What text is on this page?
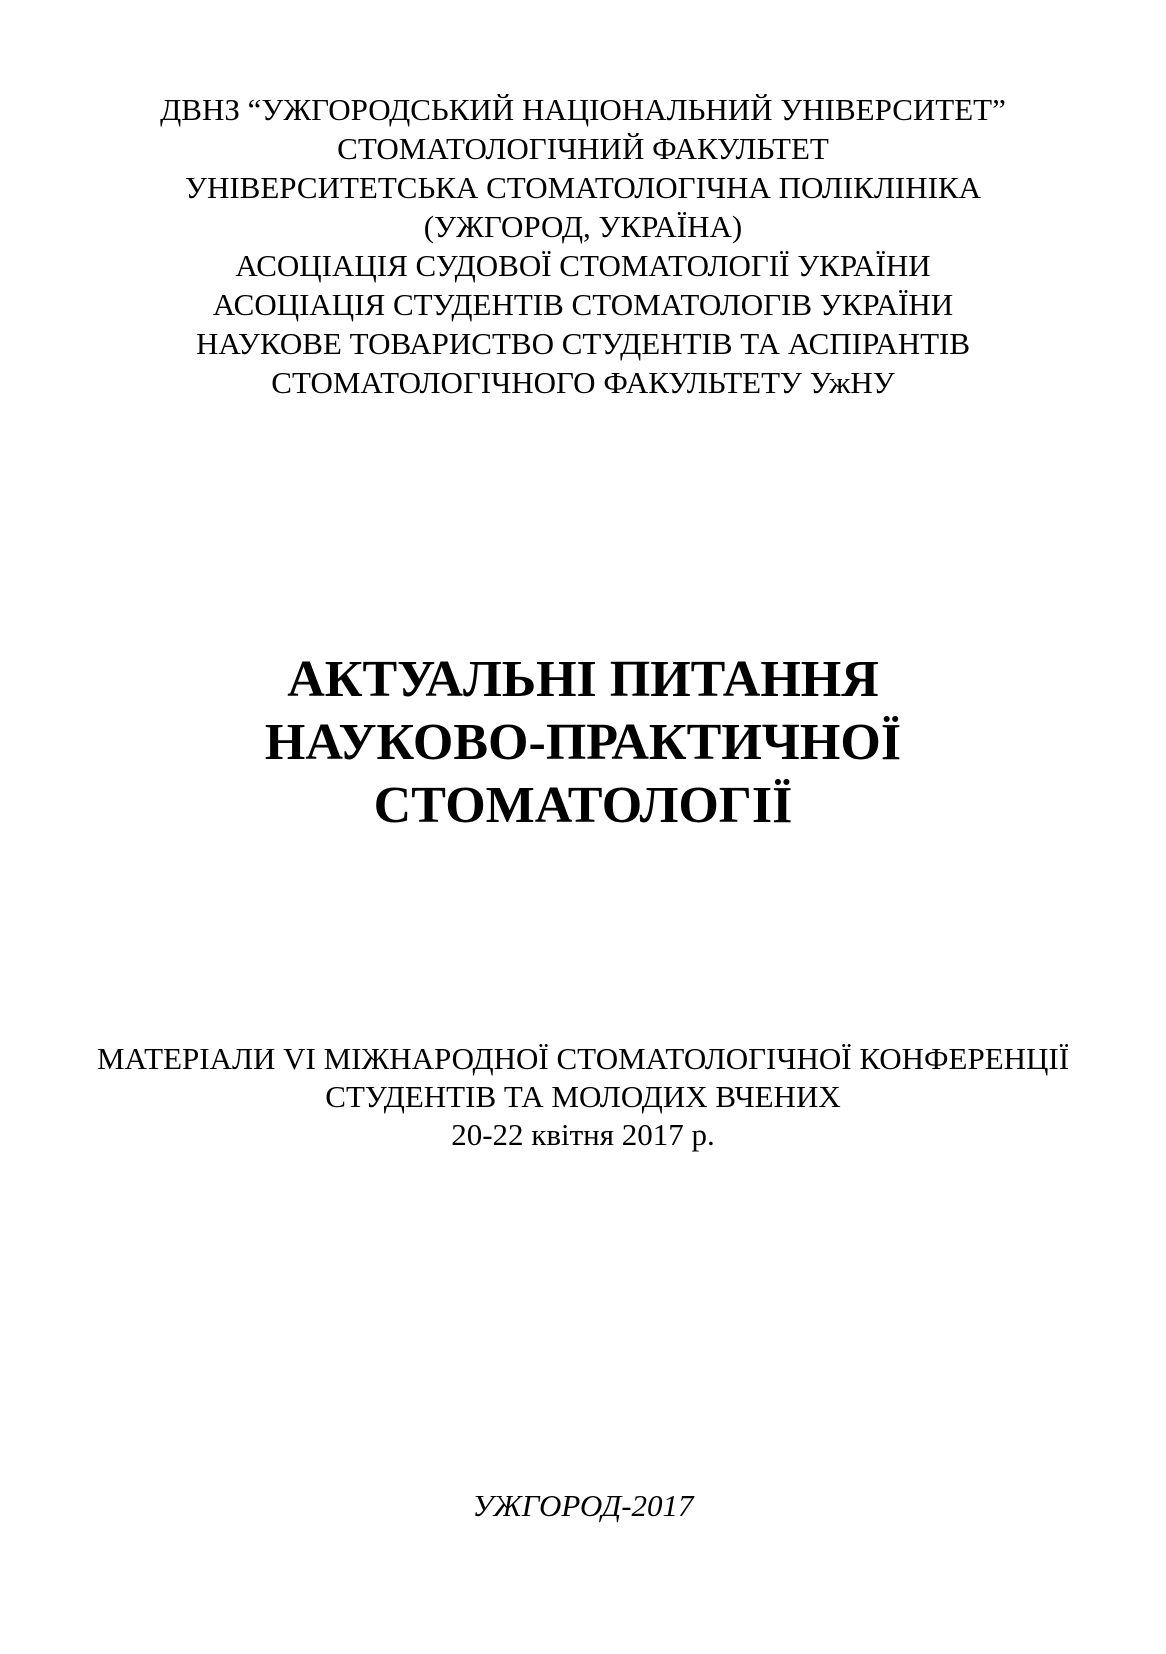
ДВНЗ “УЖГОРОДСЬКИЙ НАЦІОНАЛЬНИЙ УНІВЕРСИТЕТ”
СТОМАТОЛОГІЧНИЙ ФАКУЛЬТЕТ
УНІВЕРСИТЕТСЬКА СТОМАТОЛОГІЧНА ПОЛІКЛІНІКА
(УЖГОРОД, УКРАЇНА)
АСОЦІАЦІЯ СУДОВОЇ СТОМАТОЛОГІЇ УКРАЇНИ
АСОЦІАЦІЯ СТУДЕНТІВ СТОМАТОЛОГІВ УКРАЇНИ
НАУКОВЕ ТОВАРИСТВО СТУДЕНТІВ ТА АСПІРАНТІВ
СТОМАТОЛОГІЧНОГО ФАКУЛЬТЕТУ УжНУ
АКТУАЛЬНІ ПИТАННЯ
НАУКОВО-ПРАКТИЧНОЇ
СТОМАТОЛОГІЇ
МАТЕРІАЛИ VI МІЖНАРОДНОЇ СТОМАТОЛОГІЧНОЇ КОНФЕРЕНЦІЇ
СТУДЕНТІВ ТА МОЛОДИХ ВЧЕНИХ
20-22 квітня 2017 р.
УЖГОРОД-2017
